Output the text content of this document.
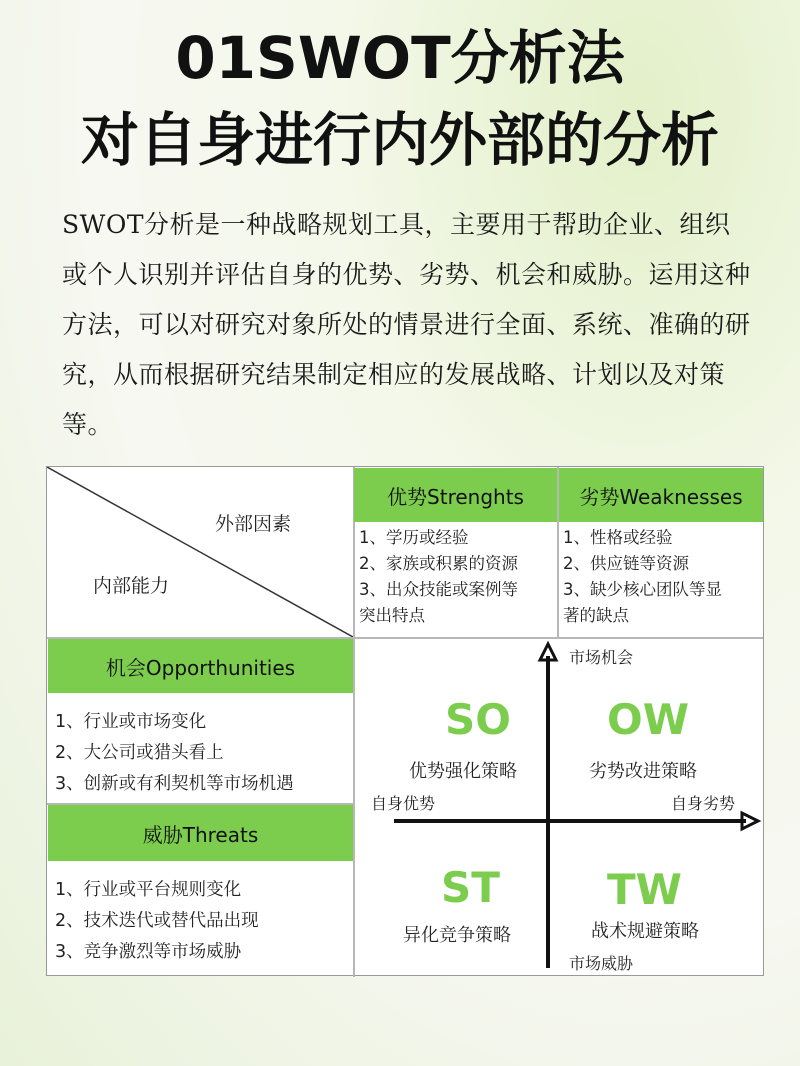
01SWOT分析法
对自身进行内外部的分析
SWOT分析是一种战略规划工具，主要用于帮助企业、组织或个人识别并评估自身的优势、劣势、机会和威胁。运用这种方法，可以对研究对象所处的情景进行全面、系统、准确的研究，从而根据研究结果制定相应的发展战略、计划以及对策等。
外部因素
内部能力
优势Strenghts
1、学历或经验
2、家族或积累的资源
3、出众技能或案例等
突出特点
劣势Weaknesses
1、性格或经验
2、供应链等资源
3、缺少核心团队等显
著的缺点
机会Opporthunities
1、行业或市场变化
2、大公司或猎头看上
3、创新或有利契机等市场机遇
威胁Threats
1、行业或平台规则变化
2、技术迭代或替代品出现
3、竞争激烈等市场威胁
市场机会
市场威胁
自身优势	自身劣势
SO
优势强化策略
OW
劣势改进策略
ST
异化竞争策略
TW
战术规避策略
